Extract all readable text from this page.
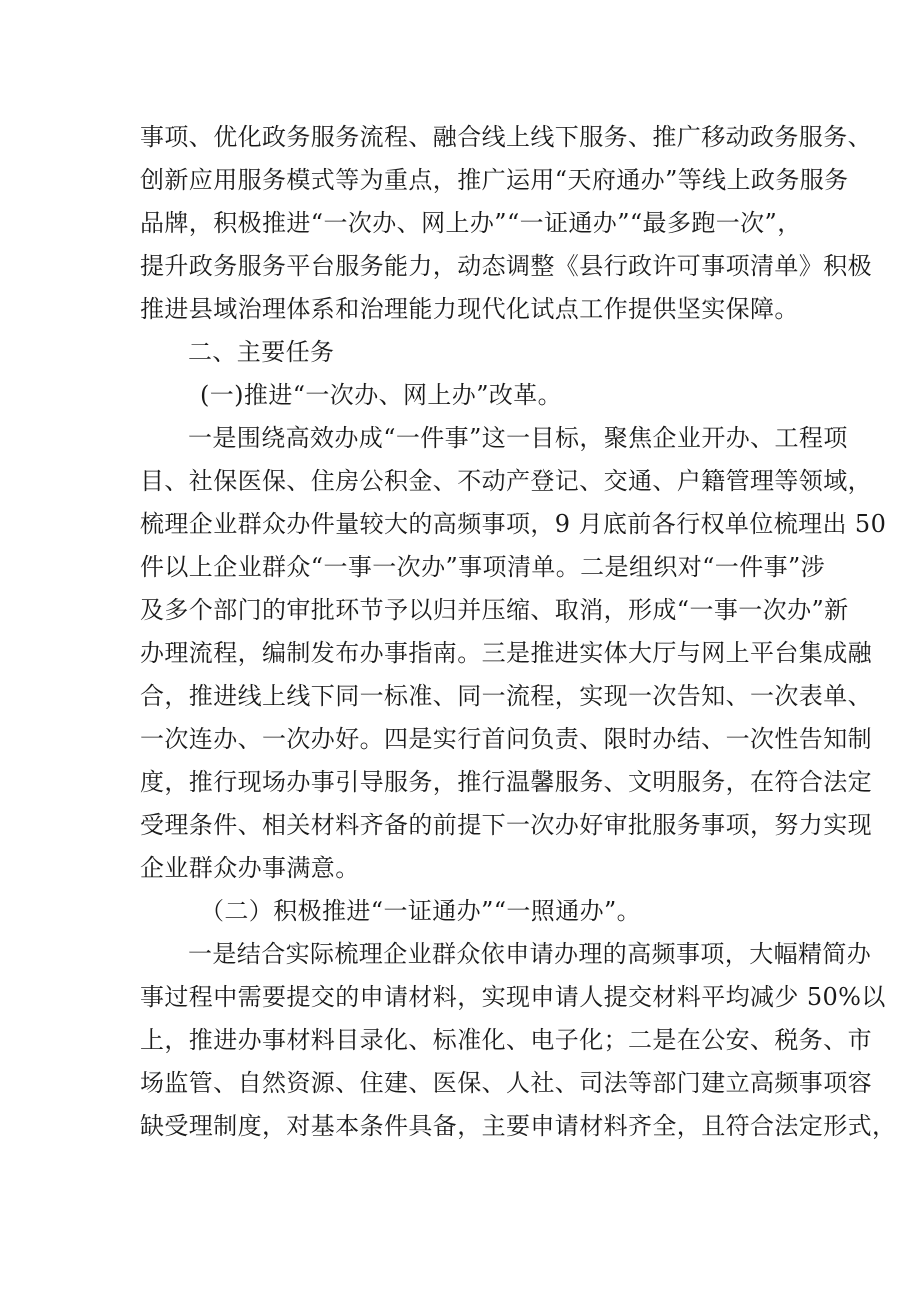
事项、优化政务服务流程、融合线上线下服务、推广移动政务服务、
创新应用服务模式等为重点，推广运用“天府通办”等线上政务服务
品牌，积极推进“一次办、网上办”“一证通办”“最多跑一次”，
提升政务服务平台服务能力，动态调整《县行政许可事项清单》积极
推进县域治理体系和治理能力现代化试点工作提供坚实保障。
二、主要任务
(一)推进“一次办、网上办”改革。
一是围绕高效办成“一件事”这一目标，聚焦企业开办、工程项
目、社保医保、住房公积金、不动产登记、交通、户籍管理等领域，
梳理企业群众办件量较大的高频事项，9 月底前各行权单位梳理出 50
件以上企业群众“一事一次办”事项清单。二是组织对“一件事”涉
及多个部门的审批环节予以归并压缩、取消，形成“一事一次办”新
办理流程，编制发布办事指南。三是推进实体大厅与网上平台集成融
合，推进线上线下同一标准、同一流程，实现一次告知、一次表单、
一次连办、一次办好。四是实行首问负责、限时办结、一次性告知制
度，推行现场办事引导服务，推行温馨服务、文明服务，在符合法定
受理条件、相关材料齐备的前提下一次办好审批服务事项，努力实现
企业群众办事满意。
（二）积极推进“一证通办”“一照通办”。
一是结合实际梳理企业群众依申请办理的高频事项，大幅精简办
事过程中需要提交的申请材料，实现申请人提交材料平均减少 50%以
上，推进办事材料目录化、标准化、电子化；二是在公安、税务、市
场监管、自然资源、住建、医保、人社、司法等部门建立高频事项容
缺受理制度，对基本条件具备，主要申请材料齐全，且符合法定形式，
